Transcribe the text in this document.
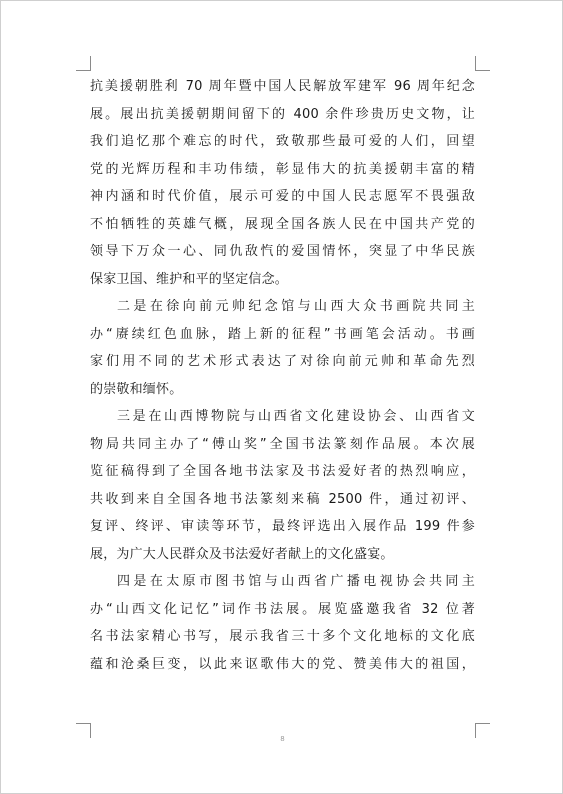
抗美援朝胜利 70 周年暨中国人民解放军建军 96 周年纪念
展。展出抗美援朝期间留下的 400 余件珍贵历史文物，让
我们追忆那个难忘的时代，致敬那些最可爱的人们，回望
党的光辉历程和丰功伟绩，彰显伟大的抗美援朝丰富的精
神内涵和时代价值，展示可爱的中国人民志愿军不畏强敌
不怕牺牲的英雄气概，展现全国各族人民在中国共产党的
领导下万众一心、同仇敌忾的爱国情怀，突显了中华民族
保家卫国、维护和平的坚定信念。
二是在徐向前元帅纪念馆与山西大众书画院共同主
办“赓续红色血脉，踏上新的征程”书画笔会活动。书画
家们用不同的艺术形式表达了对徐向前元帅和革命先烈
的崇敬和缅怀。
三是在山西博物院与山西省文化建设协会、山西省文
物局共同主办了“傅山奖”全国书法篆刻作品展。本次展
览征稿得到了全国各地书法家及书法爱好者的热烈响应，
共收到来自全国各地书法篆刻来稿 2500 件，通过初评、
复评、终评、审读等环节，最终评选出入展作品 199 件参
展，为广大人民群众及书法爱好者献上的文化盛宴。
四是在太原市图书馆与山西省广播电视协会共同主
办“山西文化记忆”词作书法展。展览盛邀我省 32 位著
名书法家精心书写，展示我省三十多个文化地标的文化底
蕴和沧桑巨变，以此来讴歌伟大的党、赞美伟大的祖国，
8
